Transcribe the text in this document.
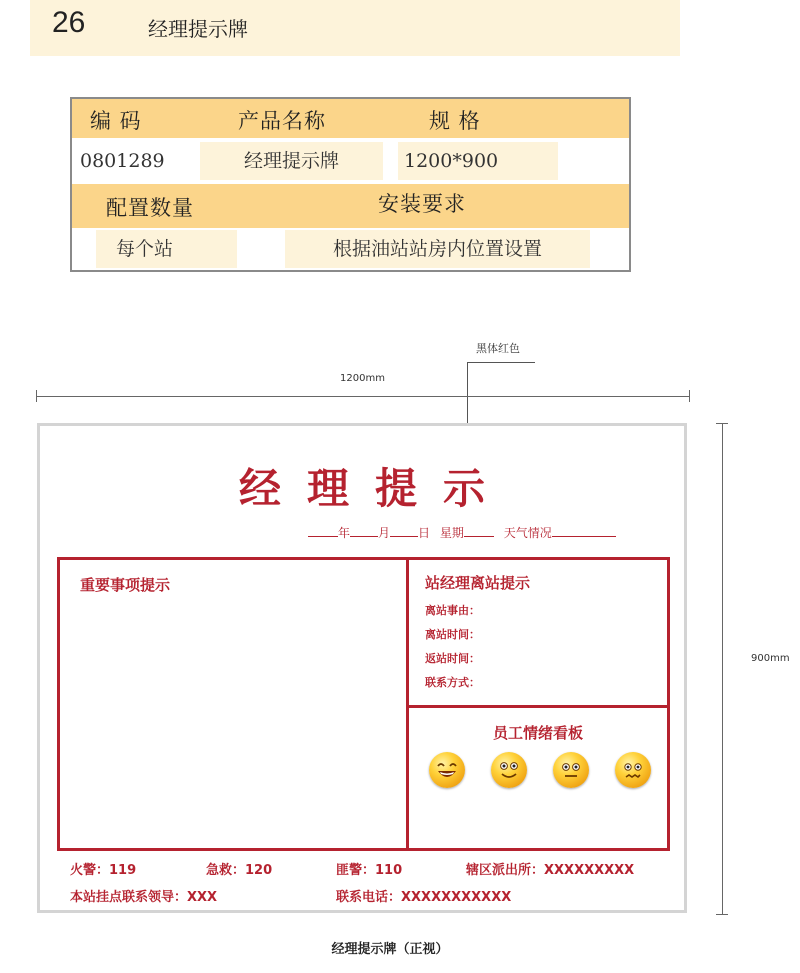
26	经理提示牌
编 码	产品名称	规 格
0801289	经理提示牌	1200*900
配置数量	安装要求
每个站	根据油站站房内位置设置
黑体红色
1200mm
900mm
经理提示
年 月 日 星期	天气情况
重要事项提示	站经理离站提示
离站事由：
离站时间：
返站时间：
联系方式：
员工情绪看板
火警：119	急救：120	匪警：110	辖区派出所：XXXXXXXXX
本站挂点联系领导：XXX	联系电话：XXXXXXXXXXX
经理提示牌（正视）
